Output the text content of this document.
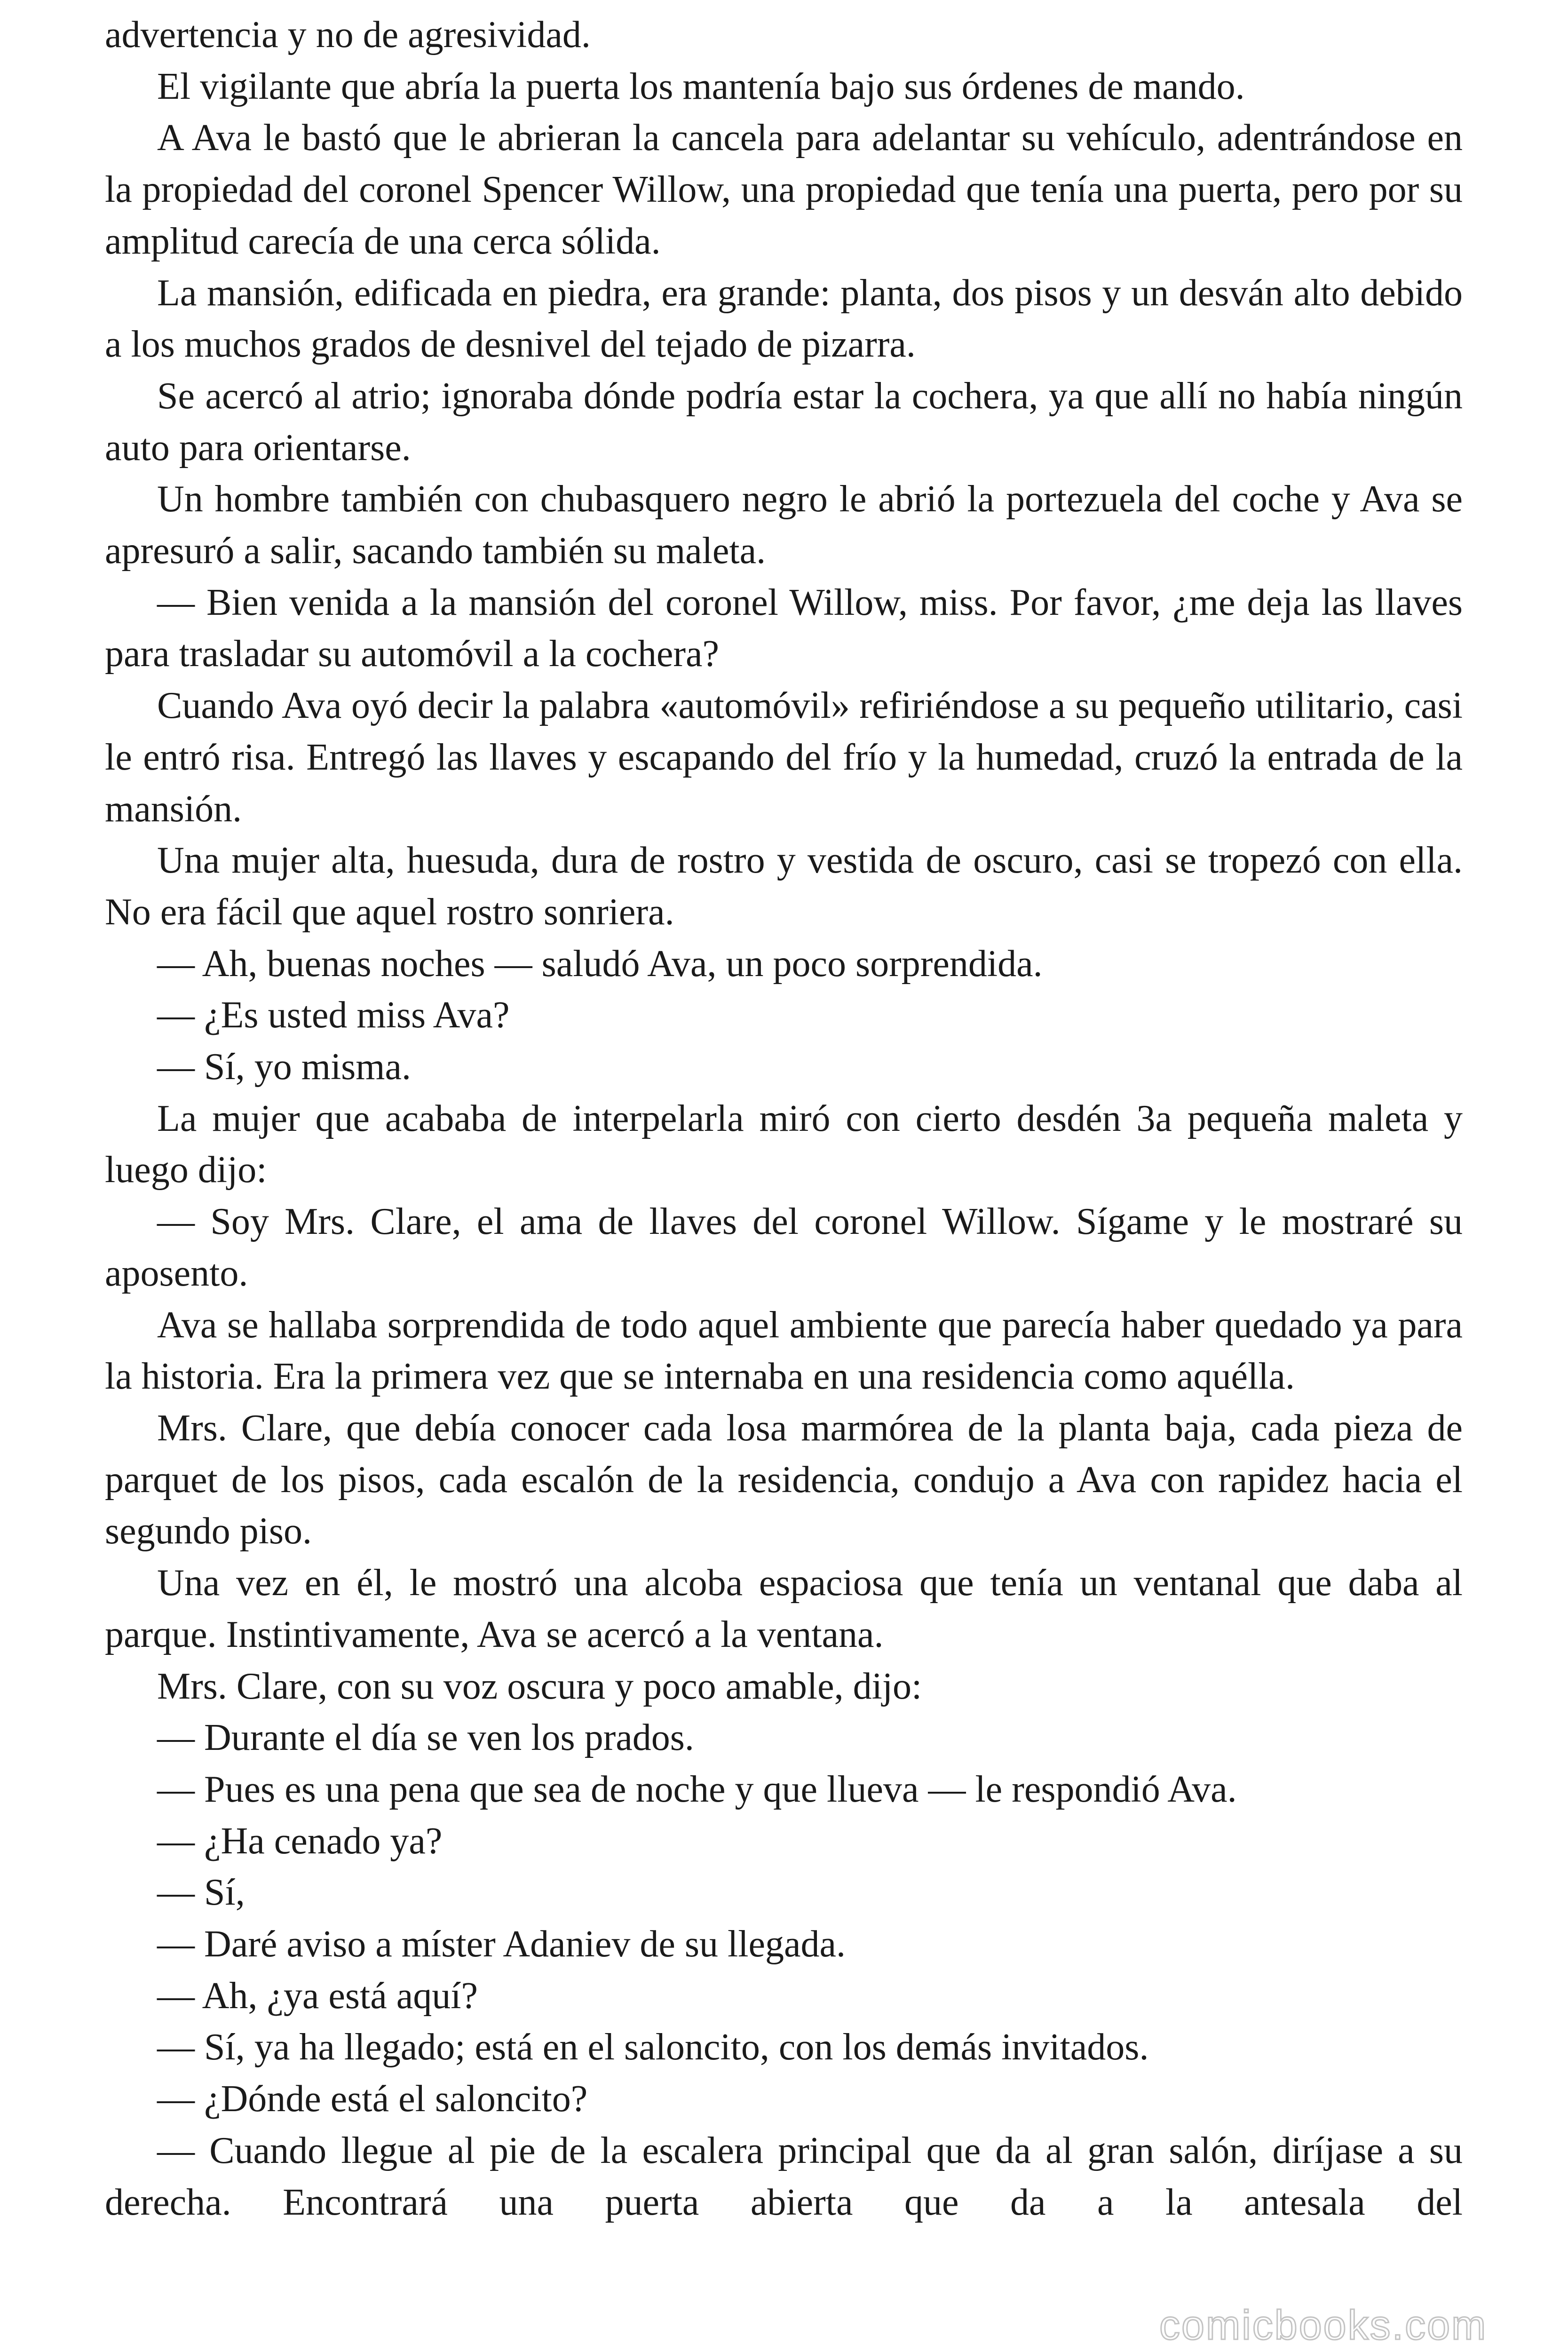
advertencia y no de agresividad.

El vigilante que abría la puerta los mantenía bajo sus órdenes de mando.

A Ava le bastó que le abrieran la cancela para adelantar su vehículo, adentrándose en la propiedad del coronel Spencer Willow, una propiedad que tenía una puerta, pero por su amplitud carecía de una cerca sólida.

La mansión, edificada en piedra, era grande: planta, dos pisos y un desván alto debido a los muchos grados de desnivel del tejado de pizarra.

Se acercó al atrio; ignoraba dónde podría estar la cochera, ya que allí no había ningún auto para orientarse.

Un hombre también con chubasquero negro le abrió la portezuela del coche y Ava se apresuró a salir, sacando también su maleta.

— Bien venida a la mansión del coronel Willow, miss. Por favor, ¿me deja las llaves para trasladar su automóvil a la cochera?

Cuando Ava oyó decir la palabra «automóvil» refiriéndose a su pequeño utilitario, casi le entró risa. Entregó las llaves y escapando del frío y la humedad, cruzó la entrada de la mansión.

Una mujer alta, huesuda, dura de rostro y vestida de oscuro, casi se tropezó con ella. No era fácil que aquel rostro sonriera.

— Ah, buenas noches — saludó Ava, un poco sorprendida.

— ¿Es usted miss Ava?

— Sí, yo misma.

La mujer que acababa de interpelarla miró con cierto desdén 3a pequeña maleta y luego dijo:

— Soy Mrs. Clare, el ama de llaves del coronel Willow. Sígame y le mostraré su aposento.

Ava se hallaba sorprendida de todo aquel ambiente que parecía haber quedado ya para la historia. Era la primera vez que se internaba en una residencia como aquélla.

Mrs. Clare, que debía conocer cada losa marmórea de la planta baja, cada pieza de parquet de los pisos, cada escalón de la residencia, condujo a Ava con rapidez hacia el segundo piso.

Una vez en él, le mostró una alcoba espaciosa que tenía un ventanal que daba al parque. Instintivamente, Ava se acercó a la ventana.

Mrs. Clare, con su voz oscura y poco amable, dijo:

— Durante el día se ven los prados.

— Pues es una pena que sea de noche y que llueva — le respondió Ava.

— ¿Ha cenado ya?

— Sí,

— Daré aviso a míster Adaniev de su llegada.

— Ah, ¿ya está aquí?

— Sí, ya ha llegado; está en el saloncito, con los demás invitados.

— ¿Dónde está el saloncito?

— Cuando llegue al pie de la escalera principal que da al gran salón, diríjase a su derecha. Encontrará una puerta abierta que da a la antesala del

comicbooks.com
